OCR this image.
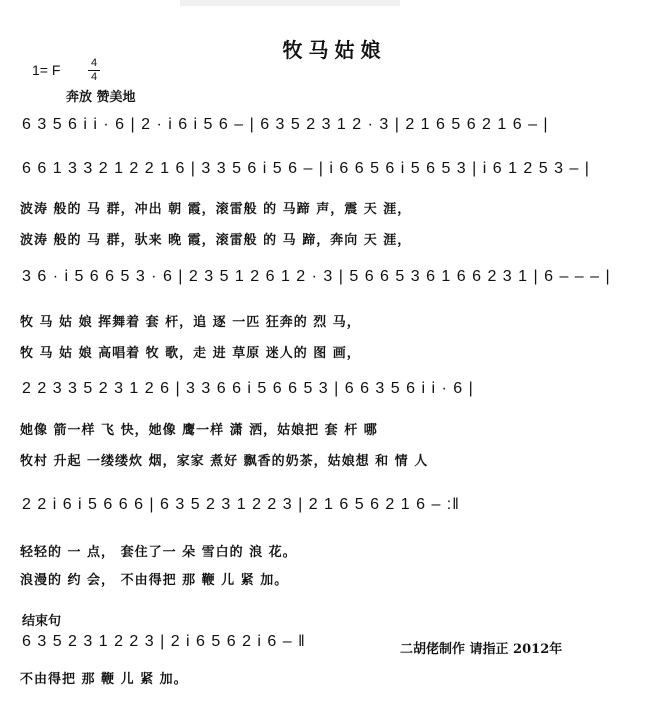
牧马姑娘
1= F	4
4
奔放 赞美地
6 3 5 6 i i · 6 | 2 · i 6 i 5 6 – | 6 3 5 2 3 1 2 · 3 | 2 1 6 5 6 2 1 6 – |
6 6 1 3 3 2 1 2 2 1 6 | 3 3 5 6 i 5 6 – | i 6 6 5 6 i 5 6 5 3 | i 6 1 2 5 3 – |
波涛 般的 马 群，冲出 朝 霞，滚雷般 的 马蹄 声，震 天 涯，
波涛 般的 马 群，驮来 晚 霞，滚雷般 的 马 蹄，奔向 天 涯，
3 6 · i 5 6 6 5 3 · 6 | 2 3 5 1 2 6 1 2 · 3 | 5 6 6 5 3 6 1 6 6 2 3 1 | 6 – – – |
牧 马 姑 娘 挥舞着 套 杆，追 逐 一匹 狂奔的 烈 马，
牧 马 姑 娘 高唱着 牧 歌，走 进 草原 迷人的 图 画，
2 2 3 3 5 2 3 1 2 6 | 3 3 6 6 i 5 6 6 5 3 | 6 6 3 5 6 i i · 6 |
她像 箭一样 飞 快，她像 鹰一样 潇 洒，姑娘把 套 杆 哪
牧村 升起 一缕缕炊 烟，家家 煮好 飘香的奶茶，姑娘想 和 情 人
2 2 i 6 i 5 6 6 6 | 6 3 5 2 3 1 2 2 3 | 2 1 6 5 6 2 1 6 – :‖
轻轻的 一 点， 套住了一 朵 雪白的 浪 花。
浪漫的 约 会， 不由得把 那 鞭 儿 紧 加。
结束句
6 3 5 2 3 1 2 2 3 | 2 i 6 5 6 2 i 6 – ‖	二胡佬制作 请指正 2012年
不由得把 那 鞭 儿 紧 加。
